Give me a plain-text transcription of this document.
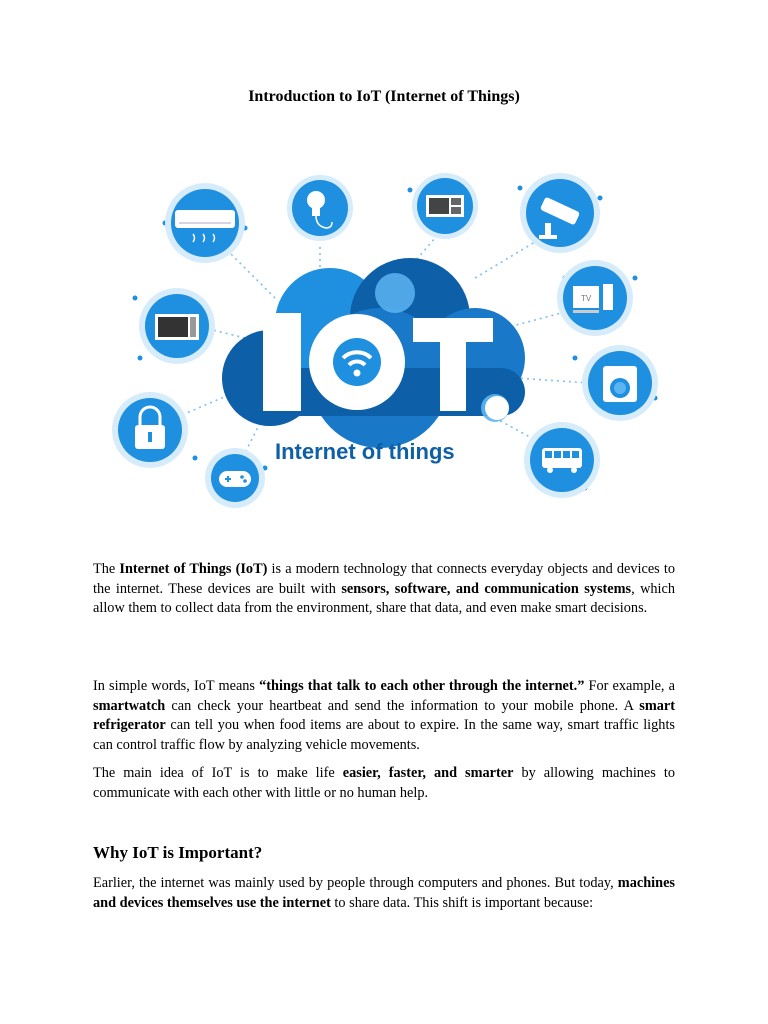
Introduction to IoT (Internet of Things)
Internet of things
TV

The Internet of Things (IoT) is a modern technology that connects everyday objects and devices to the internet. These devices are built with sensors, software, and communication systems, which allow them to collect data from the environment, share that data, and even make smart decisions.

In simple words, IoT means “things that talk to each other through the internet.” For example, a smartwatch can check your heartbeat and send the information to your mobile phone. A smart refrigerator can tell you when food items are about to expire. In the same way, smart traffic lights can control traffic flow by analyzing vehicle movements.

The main idea of IoT is to make life easier, faster, and smarter by allowing machines to communicate with each other with little or no human help.

Why IoT is Important?

Earlier, the internet was mainly used by people through computers and phones. But today, machines and devices themselves use the internet to share data. This shift is important because:
